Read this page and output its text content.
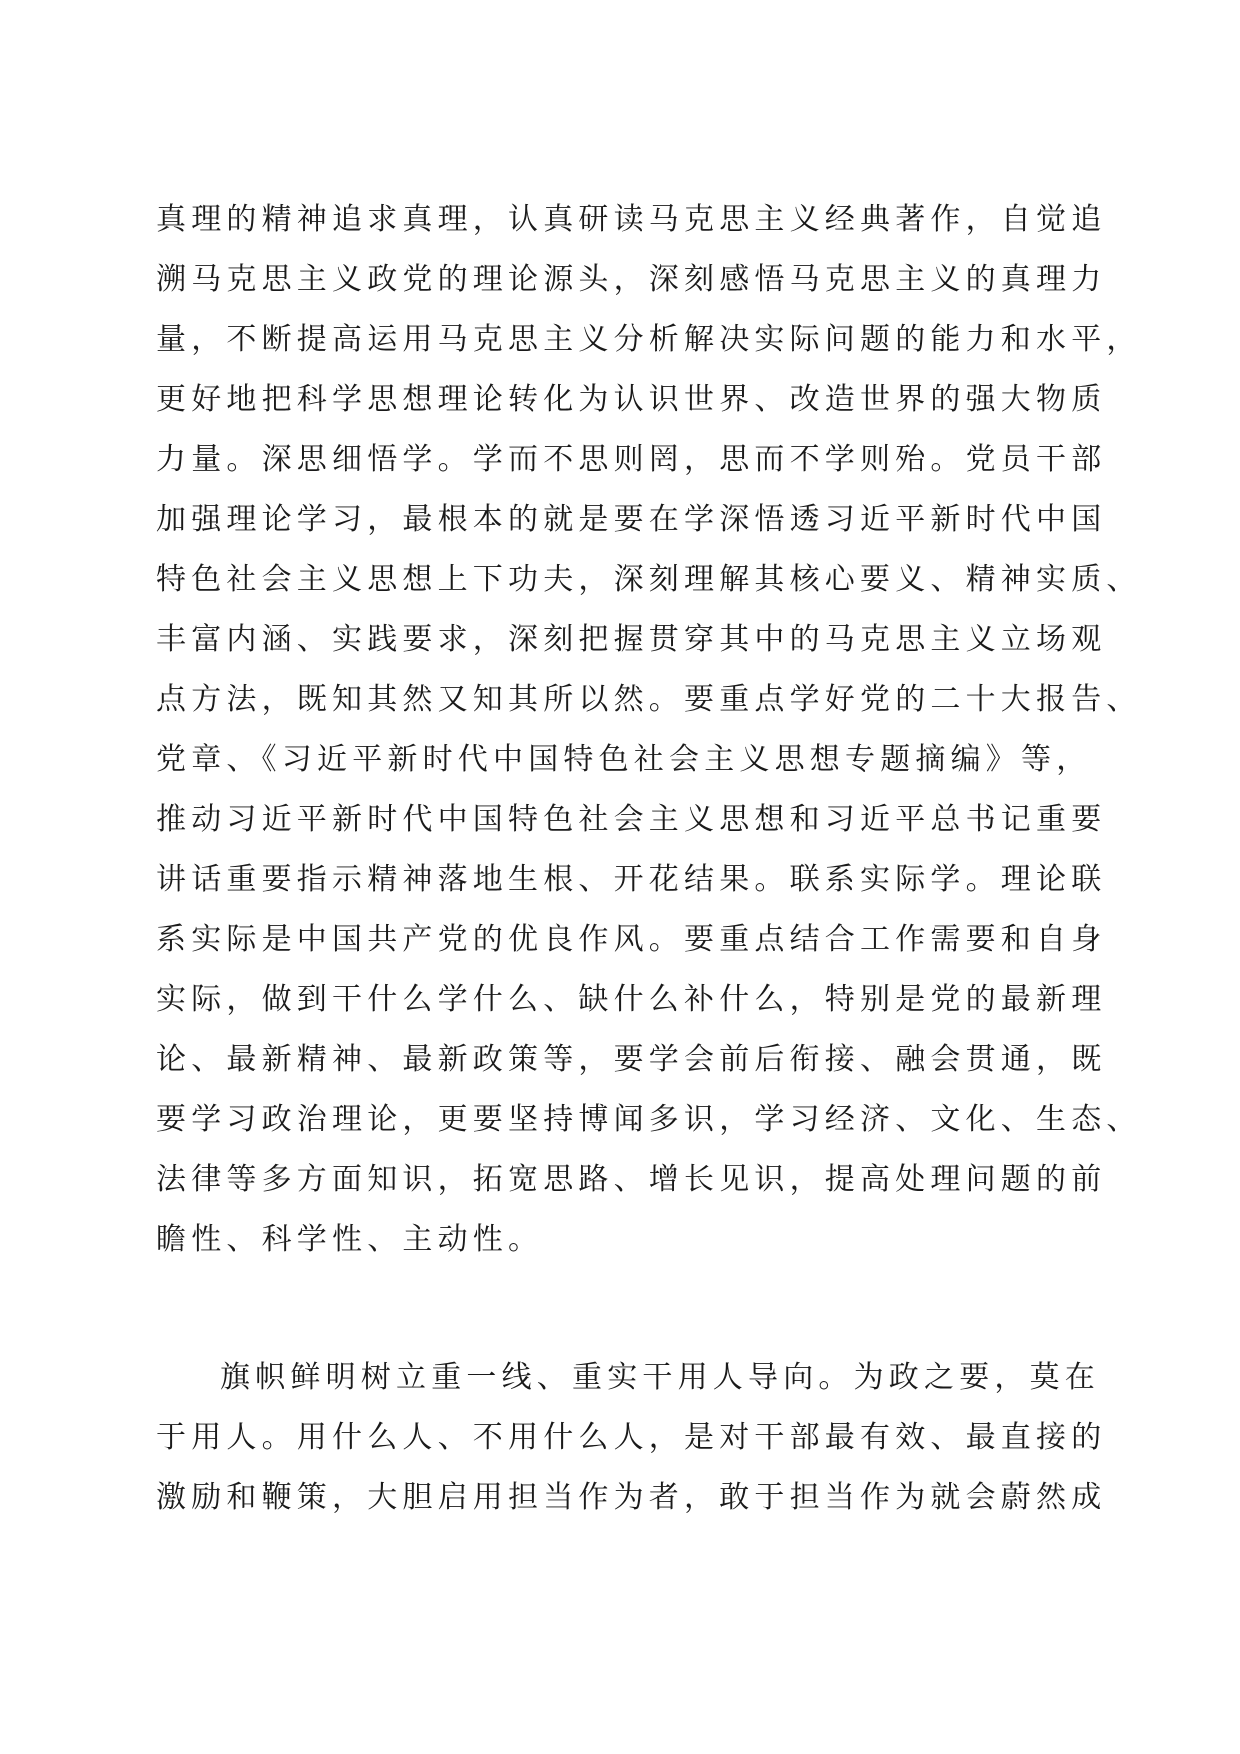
真理的精神追求真理，认真研读马克思主义经典著作，自觉追
溯马克思主义政党的理论源头，深刻感悟马克思主义的真理力
量，不断提高运用马克思主义分析解决实际问题的能力和水平，
更好地把科学思想理论转化为认识世界、改造世界的强大物质
力量。深思细悟学。学而不思则罔，思而不学则殆。党员干部
加强理论学习，最根本的就是要在学深悟透习近平新时代中国
特色社会主义思想上下功夫，深刻理解其核心要义、精神实质、
丰富内涵、实践要求，深刻把握贯穿其中的马克思主义立场观
点方法，既知其然又知其所以然。要重点学好党的二十大报告、
党章、《习近平新时代中国特色社会主义思想专题摘编》等，
推动习近平新时代中国特色社会主义思想和习近平总书记重要
讲话重要指示精神落地生根、开花结果。联系实际学。理论联
系实际是中国共产党的优良作风。要重点结合工作需要和自身
实际，做到干什么学什么、缺什么补什么，特别是党的最新理
论、最新精神、最新政策等，要学会前后衔接、融会贯通，既
要学习政治理论，更要坚持博闻多识，学习经济、文化、生态、
法律等多方面知识，拓宽思路、增长见识，提高处理问题的前
瞻性、科学性、主动性。
旗帜鲜明树立重一线、重实干用人导向。为政之要，莫在
于用人。用什么人、不用什么人，是对干部最有效、最直接的
激励和鞭策，大胆启用担当作为者，敢于担当作为就会蔚然成
